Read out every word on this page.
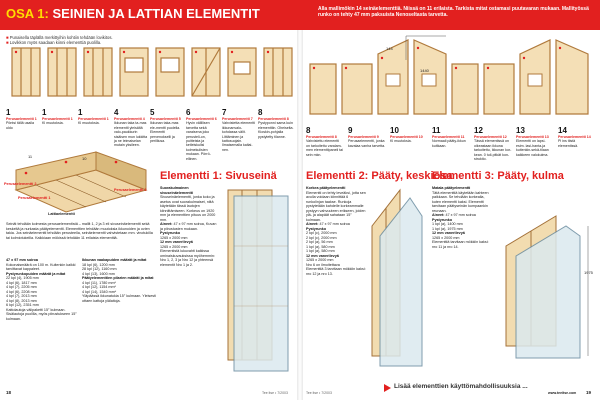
OSA 1: SEINIEN JA LATTIAN ELEMENTIT	Alla mallimökin 14 seinäelementtiä. Niissä on 11 erilaista. Tarkista mitat ostamasi puutavaran mukaan. Mallityössä runko on tehty 47 mm paksuista Nenoseltasta tarvetta.
■ Punaisella täplällä merkittyihin kohtiin tehdään lovikitos.
■ Lovikkon myös saadaan kiinni elementtiä puolilla.
1
Perusaelementti 1
Pöntsi tällä usaila uldo
1
Perusaelementti 1
Kl muutoksia.
1
Perusaelementti 1
Kl muutoksia.
4
Perusaelementti 4
Ikkunan taka ta-mas elementti yleisältä valo-paukkurin sisäisen mun lukkitta ja ne leimaiselan mutain yksileen.
5
Perusaelementti 5
Ikkunan taka-mas ele-mentti puolella. Elementti pervenokselli ja perilliusa.
6
Perusaelementti 6
Hyvin välillisen tarvetta sekä varaisena joko perusteli-on, puitteista ja ketleiskulisi kolmekulisien mukaan. Pörrö-ellinen.
7
Perusaelementti 7
Vahvistetta elementti ikkunanvalo-kohdassa välit. Liittäminen ja kattosuojain. Ilmaisemalla kaltai-nen.
8
Perusaelementti 8
Pystyponni sama kuin elementtiin. Oheiselta. Kioskin-pohjalla pystytetty tilanne.
11	10
Perusaelementti 2
Perusaelementti 1
Perusaelementti 3
Lattiaelementti
Seinät tehdään kolmesta perusaelementistä – mallit 1, 2 ja 3 eli sivuseinäelementti sekä keskeltä ja nurkasta päätyelementti. Elementtien tehdään muutoksia ikkunoiden ja ovien takia. Jos seinäelementti tehdään perusteella, seinäelementti vahvistetaan mm. vinotukilla tai kolmiotukeilla. Kaikkiaan mökissä tehdään 11 erilaista elementtiä.
47 x 97 mm soiroa
Kokonaismäärä on 100 m. Kuitenkin kaikki tarvittavat kappaleet.
Pystyrunkopuiden määrät ja mitat
22 kpl (4), 1905 mm
4 kpl (6), 1817 mm
4 kpl (7), 2205 mm
4 kpl (6), 2208 mm
4 kpl (7), 2013 mm
4 kpl (8), 2013 mm
6 kpl (12), 2351 mm
Kattolautoja välipaketti 15° kulmaan. Sisälautoja puolilla, myös piirustukseen 15° kulmaan.
Ikkunan vaakapuiden määrät ja mitat
18 kpl (6), 1200 mm
28 kpl (12), 1160 mm
4 kpl (13), 1600 mm
Päätyelementtien pilarien määrät ja mitat
4 kpl (11), 1780 mm*
4 kpl (12), 1154 mm*
4 kpl (14), 1540 mm*
Yläpäässä ikkunatukia 15° kulmaan. Yleisesti ottaen kattoja ylälaitoja.
Elementti 1: Sivuseinä
Suorakulmainen sivuseinäelementti
Sivuseinäelementti, jonka koko ja asetus ovat suorakulmaiset, niitä käytetään tässä lautojen kiinnittämiseen. Korkeus on 1920 mm ja elementtien pituus on 2000 mm.
Aineet: 47 x 97 mm soiroa, Kuvan ja piirustusten mukaan.
Pystyrunko
1265 x 2000 mm
12 mm vanerilevyä
1265 x 2000 mm
Elementistä lukuvahti kaikissa ominaiskuvauksissa myöhemmin: Nro 1, 2, 3 ja Nro 12 ja yhteensä elementit Nro 1 ja 2.
144
1440
8
Perusaelementti 8
Vahvistettu elementti on tarkoitettu varalam-men elementtipaneli tai sein mkn.
9
Perusaelementti 9
Perusaelementti, jonka kavalaa vanha tarvetta.
10
Perusaelementti 10
Kl muutoksia.
11
Perusaelementti 11
Normaali pääty-ikkun kuitkaan.
12
Perusaelementti 12
Tässä elementissä on oikeastaan ikkuna tarkoitettu, ikkunan kor-kean. 0 tuli-pitkät kon-struktio.
13
Perusaelementti 13
Elementti on lapsi-esim. lasi-hanta-ja kuitenkin-sekä-tilaan kaikkeen valokulma.
14
Perusaelementti 14
Pl ins tiistä elementissä.
Elementti 2: Pääty, keskiosa
Korkea päätyelementti
Elementti on tehty leveäksi, jotta sen avulla voidaan kiinnittää 6 runkolinjan taakse. Runkoja pystytetään kahdelle korkeammalle pystyyn vahvuuteen erikseen, joiden ylä- ja alapäät sahataan 15° kulmaan.
Aineet: 47 x 97 mm soiroa
Pystyrunko
2 kpl (c), 2000 mm
2 kpl (c), 2000 mm
2 kpl (a), 56 mm
1 kpl (a), 580 mm
1 kpl (a), 580 mm
12 mm vanerilevyä
1265 x 2000 mm
Nro 6 on ilmoitettava
Elementtiä 3 tarvitaan mökkiin kaksi: nro 12 ja nro 13.
Elementti 3: Pääty, kulma
Matala päätyelementti
Tätä elementtiä käytetään kahteen paikkaan. Se tehdään korkealla, kuten elementti kaksi. Elementti tarvitaan päätyseinän kumpaankin reunaan.
Aineet: 47 x 97 mm soiroa
Pystyrunko
1 kpl (a), 1400 mm
1 kpl (a), 1975 mm
12 mm vanerilevyä
1265 x 2000 mm
Elementtiä tarvitaan mökkiin kaksi: nro 11 ja nro 14.
1975
Lisää elementtien käyttömahdollisuuksia ...
18	Tee itse • 7/2003	Tee itse • 7/2003	www.teeitse.com 19
